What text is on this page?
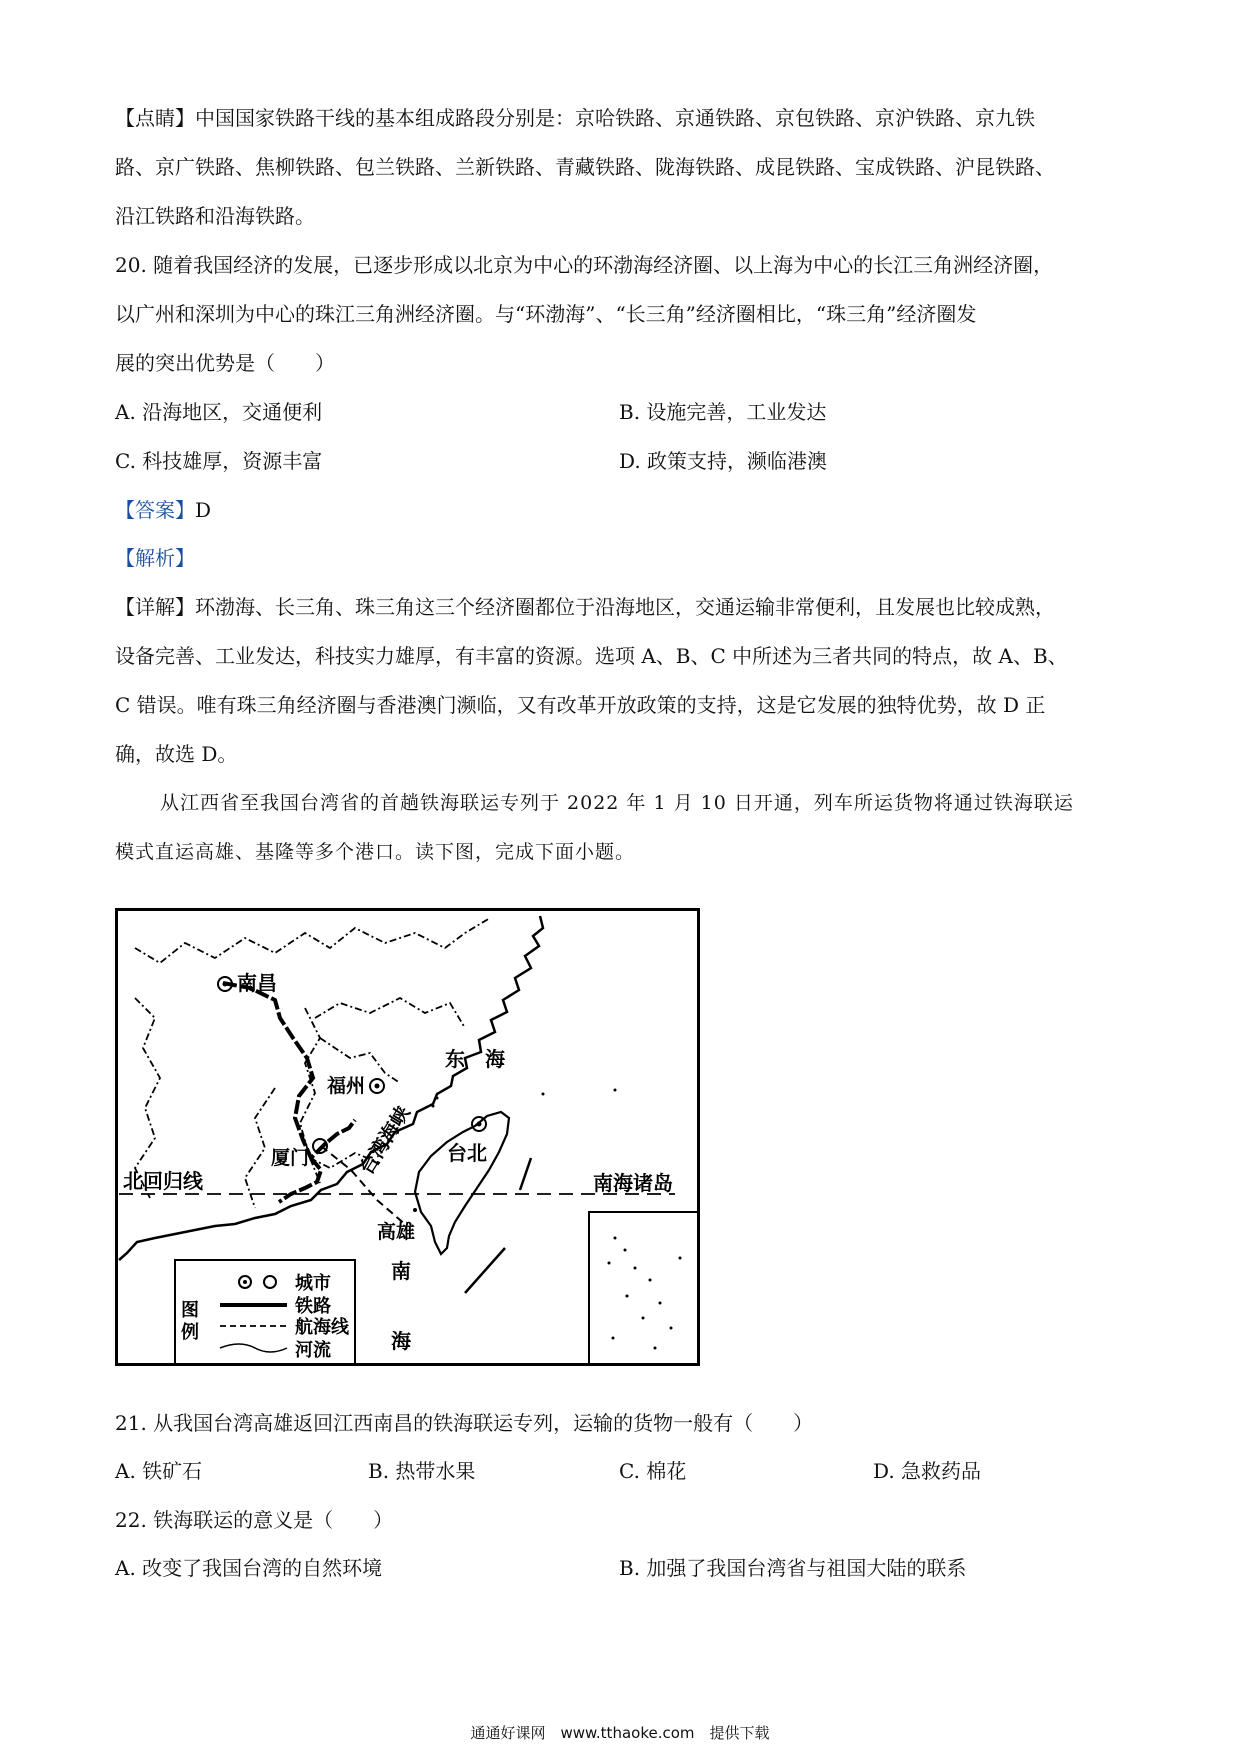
【点睛】中国国家铁路干线的基本组成路段分别是：京哈铁路、京通铁路、京包铁路、京沪铁路、京九铁
路、京广铁路、焦柳铁路、包兰铁路、兰新铁路、青藏铁路、陇海铁路、成昆铁路、宝成铁路、沪昆铁路、
沿江铁路和沿海铁路。
20. 随着我国经济的发展，已逐步形成以北京为中心的环渤海经济圈、以上海为中心的长江三角洲经济圈，
以广州和深圳为中心的珠江三角洲经济圈。与“环渤海”、“长三角”经济圈相比，“珠三角”经济圈发
展的突出优势是（　　）
A. 沿海地区，交通便利	B. 设施完善，工业发达
C. 科技雄厚，资源丰富	D. 政策支持，濒临港澳
【答案】D
【解析】
【详解】环渤海、长三角、珠三角这三个经济圈都位于沿海地区，交通运输非常便利，且发展也比较成熟，
设备完善、工业发达，科技实力雄厚，有丰富的资源。选项 A、B、C 中所述为三者共同的特点，故 A、B、
C 错误。唯有珠三角经济圈与香港澳门濒临，又有改革开放政策的支持，这是它发展的独特优势，故 D 正
确，故选 D。
从江西省至我国台湾省的首趟铁海联运专列于 2022 年 1 月 10 日开通，列车所运货物将通过铁海联运
模式直运高雄、基隆等多个港口。读下图，完成下面小题。
南昌
福州
东　海
台湾海峡
厦门	台北
北回归线	南海诸岛
高雄
南
海
图
例
城市
铁路
航海线
河流
21. 从我国台湾高雄返回江西南昌的铁海联运专列，运输的货物一般有（　　）
A. 铁矿石	B. 热带水果	C. 棉花	D. 急救药品
22. 铁海联运的意义是（　　）
A. 改变了我国台湾的自然环境	B. 加强了我国台湾省与祖国大陆的联系
通通好课网　www.tthaoke.com　提供下载
